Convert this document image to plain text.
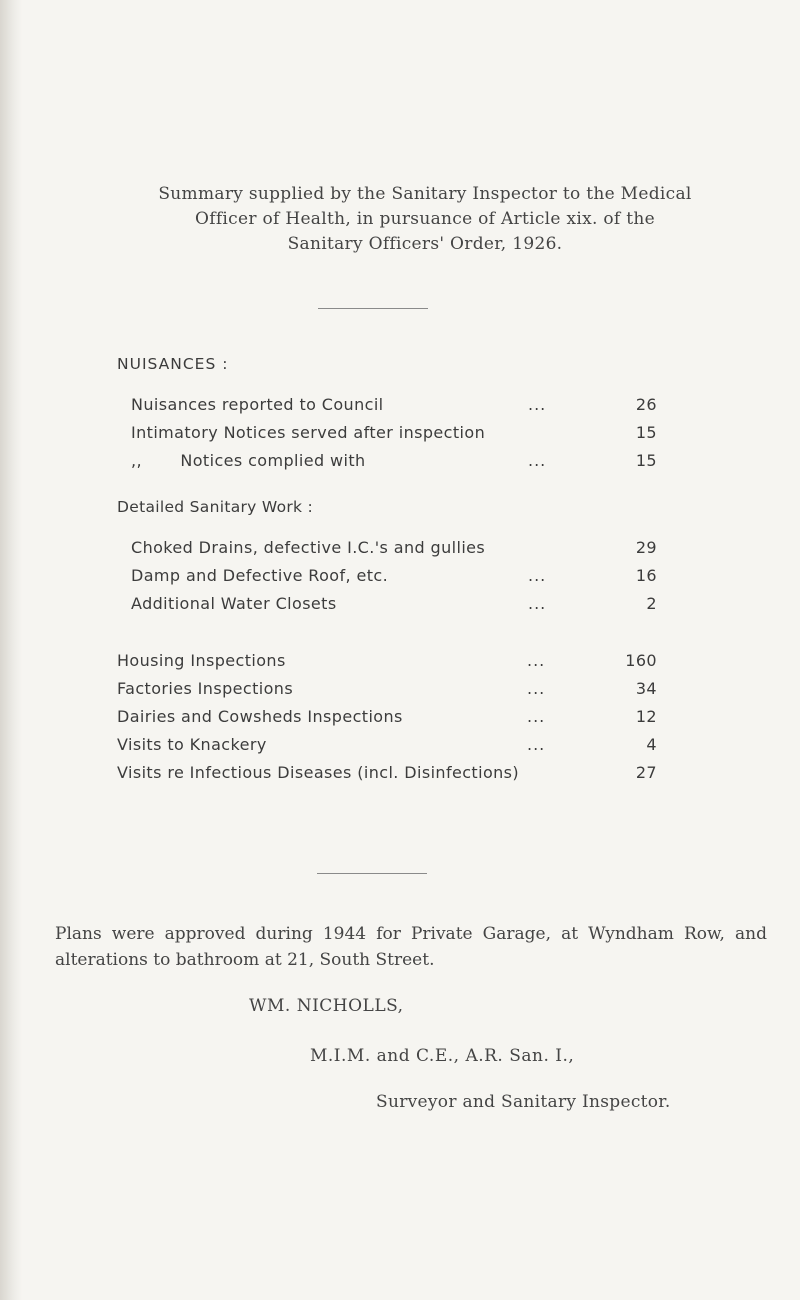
Summary supplied by the Sanitary Inspector to the Medical
Officer of Health, in pursuance of Article xix. of the
Sanitary Officers' Order, 1926.
NUISANCES :
Nuisances reported to Council	...	26
Intimatory Notices served after inspection	15
,,       Notices complied with	...	15
Detailed Sanitary Work :
Choked Drains, defective I.C.'s and gullies	29
Damp and Defective Roof, etc.	...	16
Additional Water Closets	...	2
Housing Inspections	...	160
Factories Inspections	...	34
Dairies and Cowsheds Inspections	...	12
Visits to Knackery	...	4
Visits re Infectious Diseases (incl. Disinfections)	27
Plans were approved during 1944 for Private Garage, at Wyndham Row, and alterations to bathroom at 21, South Street.
WM. NICHOLLS,
M.I.M. and C.E., A.R. San. I.,
Surveyor and Sanitary Inspector.
